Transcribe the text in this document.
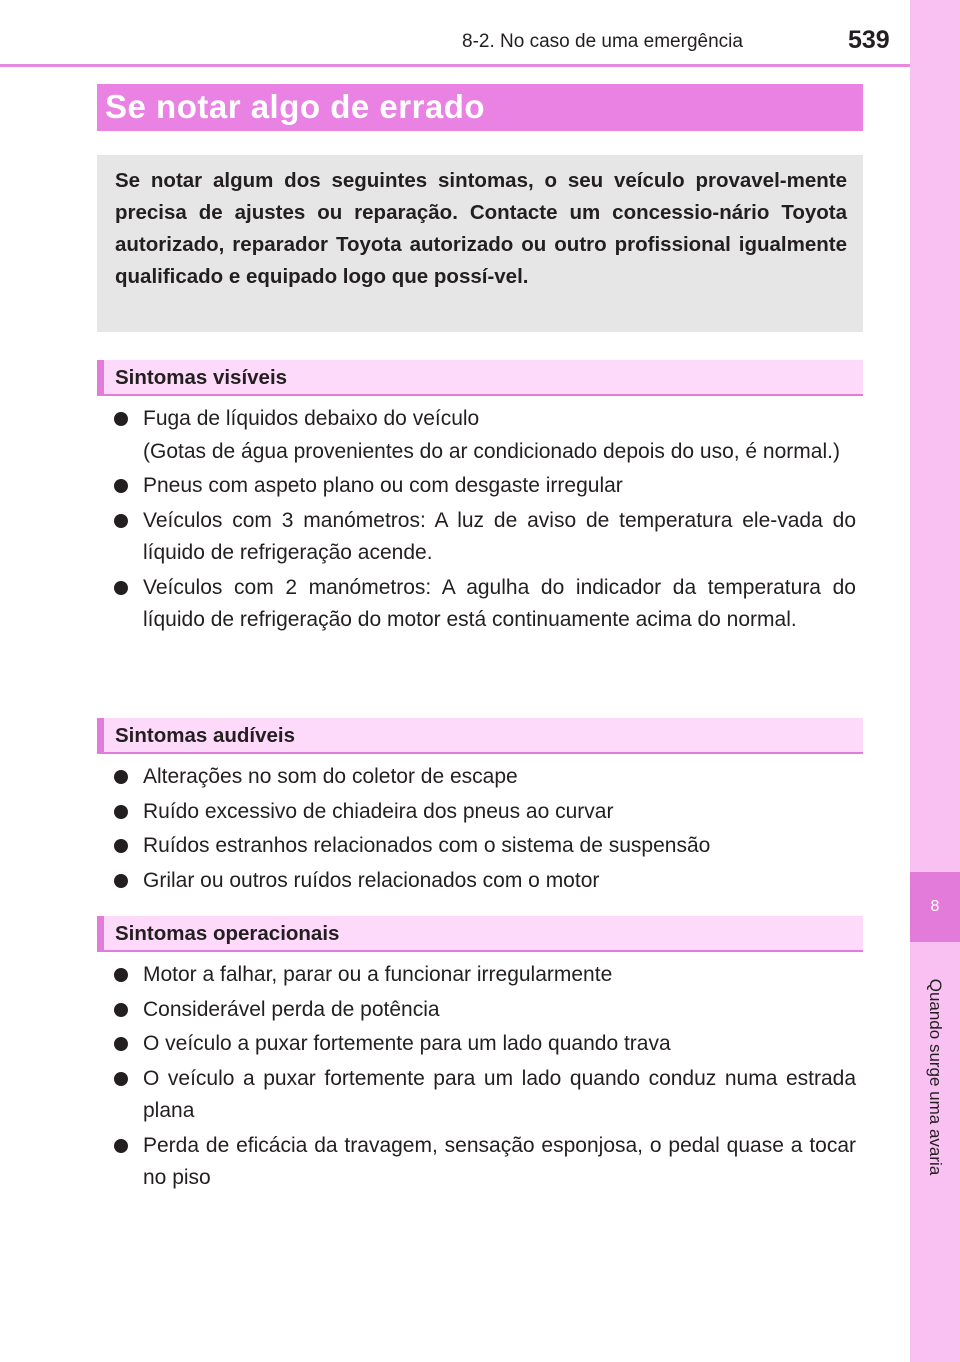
8-2. No caso de uma emergência	539
8
Quando surge uma avaria
Se notar algo de errado
Se notar algum dos seguintes sintomas, o seu veículo provavel-mente precisa de ajustes ou reparação. Contacte um concessio-nário Toyota autorizado, reparador Toyota autorizado ou outro profissional igualmente qualificado e equipado logo que possí-vel.
Sintomas visíveis
Fuga de líquidos debaixo do veículo
(Gotas de água provenientes do ar condicionado depois do uso, é normal.)
Pneus com aspeto plano ou com desgaste irregular
Veículos com 3 manómetros: A luz de aviso de temperatura ele-vada do líquido de refrigeração acende.
Veículos com 2 manómetros: A agulha do indicador da temperatura do líquido de refrigeração do motor está continuamente acima do normal.
Sintomas audíveis
Alterações no som do coletor de escape
Ruído excessivo de chiadeira dos pneus ao curvar
Ruídos estranhos relacionados com o sistema de suspensão
Grilar ou outros ruídos relacionados com o motor
Sintomas operacionais
Motor a falhar, parar ou a funcionar irregularmente
Considerável perda de potência
O veículo a puxar fortemente para um lado quando trava
O veículo a puxar fortemente para um lado quando conduz numa estrada plana
Perda de eficácia da travagem, sensação esponjosa, o pedal quase a tocar no piso
